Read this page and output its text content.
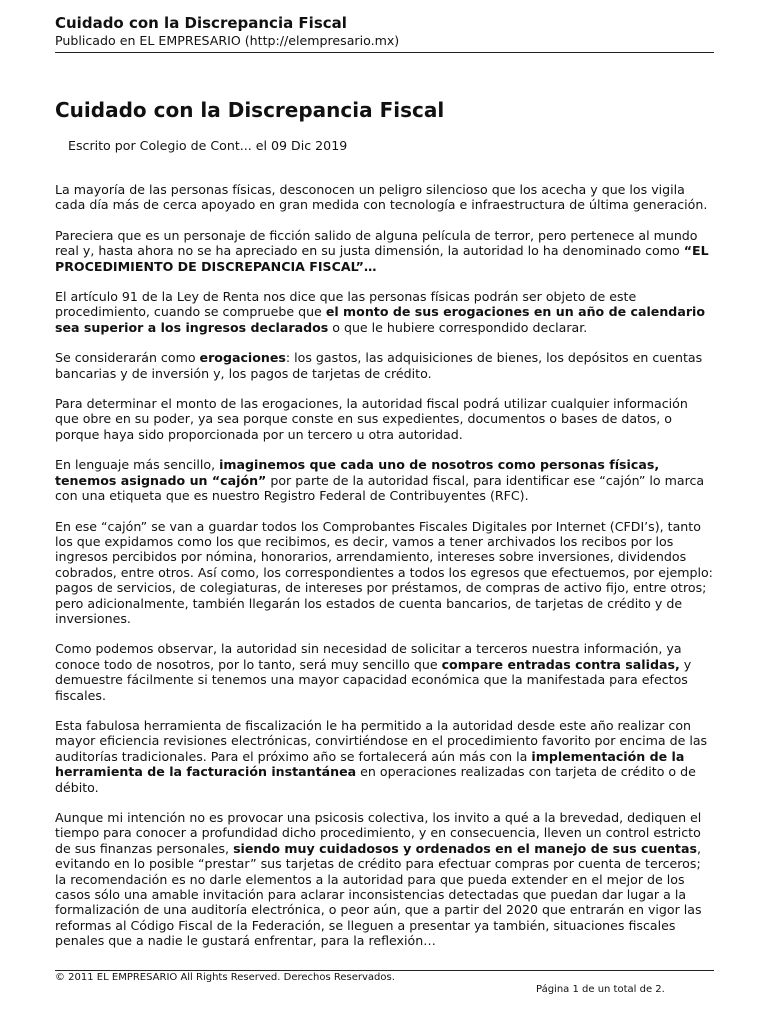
Cuidado con la Discrepancia Fiscal

Publicado en EL EMPRESARIO (http://elempresario.mx)

Cuidado con la Discrepancia Fiscal

Escrito por Colegio de Cont... el 09 Dic 2019

La mayoría de las personas físicas, desconocen un peligro silencioso que los acecha y que los vigila cada día más de cerca apoyado en gran medida con tecnología e infraestructura de última generación.

Pareciera que es un personaje de ficción salido de alguna película de terror, pero pertenece al mundo real y, hasta ahora no se ha apreciado en su justa dimensión, la autoridad lo ha denominado como “EL PROCEDIMIENTO DE DISCREPANCIA FISCAL”…

El artículo 91 de la Ley de Renta nos dice que las personas físicas podrán ser objeto de este procedimiento, cuando se compruebe que el monto de sus erogaciones en un año de calendario sea superior a los ingresos declarados o que le hubiere correspondido declarar.

Se considerarán como erogaciones: los gastos, las adquisiciones de bienes, los depósitos en cuentas bancarias y de inversión y, los pagos de tarjetas de crédito.

Para determinar el monto de las erogaciones, la autoridad fiscal podrá utilizar cualquier información que obre en su poder, ya sea porque conste en sus expedientes, documentos o bases de datos, o porque haya sido proporcionada por un tercero u otra autoridad.

En lenguaje más sencillo, imaginemos que cada uno de nosotros como personas físicas, tenemos asignado un “cajón” por parte de la autoridad fiscal, para identificar ese “cajón” lo marca con una etiqueta que es nuestro Registro Federal de Contribuyentes (RFC).

En ese “cajón” se van a guardar todos los Comprobantes Fiscales Digitales por Internet (CFDI’s), tanto los que expidamos como los que recibimos, es decir, vamos a tener archivados los recibos por los ingresos percibidos por nómina, honorarios, arrendamiento, intereses sobre inversiones, dividendos cobrados, entre otros. Así como, los correspondientes a todos los egresos que efectuemos, por ejemplo: pagos de servicios, de colegiaturas, de intereses por préstamos, de compras de activo fijo, entre otros; pero adicionalmente, también llegarán los estados de cuenta bancarios, de tarjetas de crédito y de inversiones.

Como podemos observar, la autoridad sin necesidad de solicitar a terceros nuestra información, ya conoce todo de nosotros, por lo tanto, será muy sencillo que compare entradas contra salidas, y demuestre fácilmente si tenemos una mayor capacidad económica que la manifestada para efectos fiscales.

Esta fabulosa herramienta de fiscalización le ha permitido a la autoridad desde este año realizar con mayor eficiencia revisiones electrónicas, convirtiéndose en el procedimiento favorito por encima de las auditorías tradicionales. Para el próximo año se fortalecerá aún más con la implementación de la herramienta de la facturación instantánea en operaciones realizadas con tarjeta de crédito o de débito.

Aunque mi intención no es provocar una psicosis colectiva, los invito a qué a la brevedad, dediquen el tiempo para conocer a profundidad dicho procedimiento, y en consecuencia, lleven un control estricto de sus finanzas personales, siendo muy cuidadosos y ordenados en el manejo de sus cuentas, evitando en lo posible “prestar” sus tarjetas de crédito para efectuar compras por cuenta de terceros; la recomendación es no darle elementos a la autoridad para que pueda extender en el mejor de los casos sólo una amable invitación para aclarar inconsistencias detectadas que puedan dar lugar a la formalización de una auditoría electrónica, o peor aún, que a partir del 2020 que entrarán en vigor las reformas al Código Fiscal de la Federación, se lleguen a presentar ya también, situaciones fiscales penales que a nadie le gustará enfrentar, para la reflexión…

© 2011 EL EMPRESARIO All Rights Reserved. Derechos Reservados.

Página 1 de un total de 2.
